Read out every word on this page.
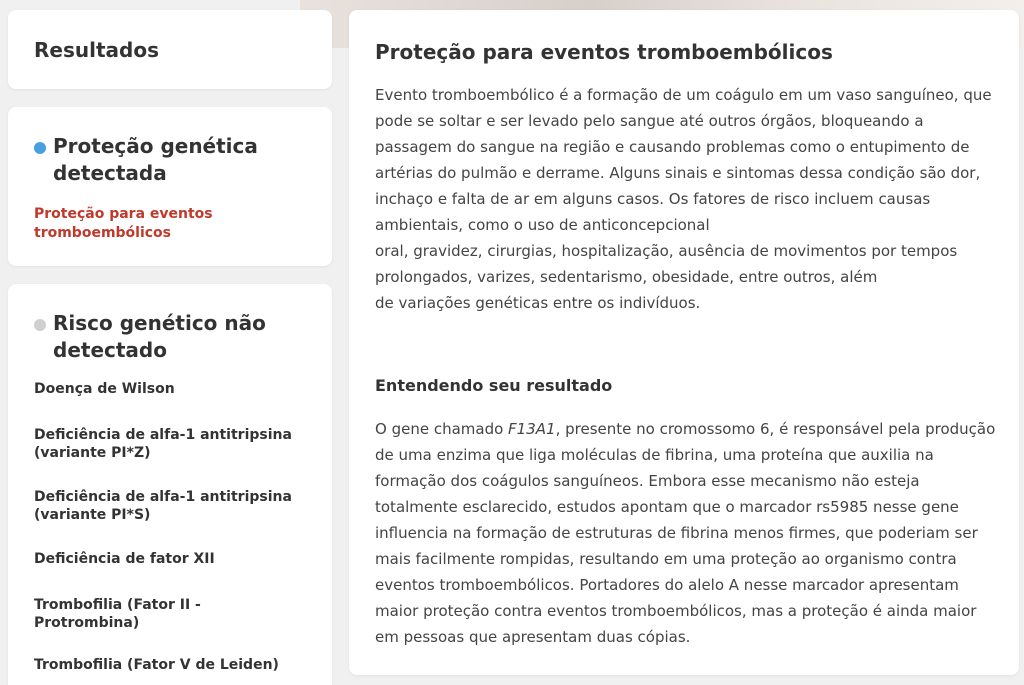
Resultados
Proteção genética detectada
Proteção para eventos tromboembólicos
Risco genético não detectado
Doença de Wilson
Deficiência de alfa-1 antitripsina (variante PI*Z)
Deficiência de alfa-1 antitripsina (variante PI*S)
Deficiência de fator XII
Trombofilia (Fator II - Protrombina)
Trombofilia (Fator V de Leiden)
Proteção para eventos tromboembólicos
Evento tromboembólico é a formação de um coágulo em um vaso sanguíneo, que
pode se soltar e ser levado pelo sangue até outros órgãos, bloqueando a
passagem do sangue na região e causando problemas como o entupimento de
artérias do pulmão e derrame. Alguns sinais e sintomas dessa condição são dor,
inchaço e falta de ar em alguns casos. Os fatores de risco incluem causas
ambientais, como o uso de anticoncepcional
oral, gravidez, cirurgias, hospitalização, ausência de movimentos por tempos
prolongados, varizes, sedentarismo, obesidade, entre outros, além
de variações genéticas entre os indivíduos.
Entendendo seu resultado
O gene chamado F13A1, presente no cromossomo 6, é responsável pela produção
de uma enzima que liga moléculas de fibrina, uma proteína que auxilia na
formação dos coágulos sanguíneos. Embora esse mecanismo não esteja
totalmente esclarecido, estudos apontam que o marcador rs5985 nesse gene
influencia na formação de estruturas de fibrina menos firmes, que poderiam ser
mais facilmente rompidas, resultando em uma proteção ao organismo contra
eventos tromboembólicos. Portadores do alelo A nesse marcador apresentam
maior proteção contra eventos tromboembólicos, mas a proteção é ainda maior
em pessoas que apresentam duas cópias.
